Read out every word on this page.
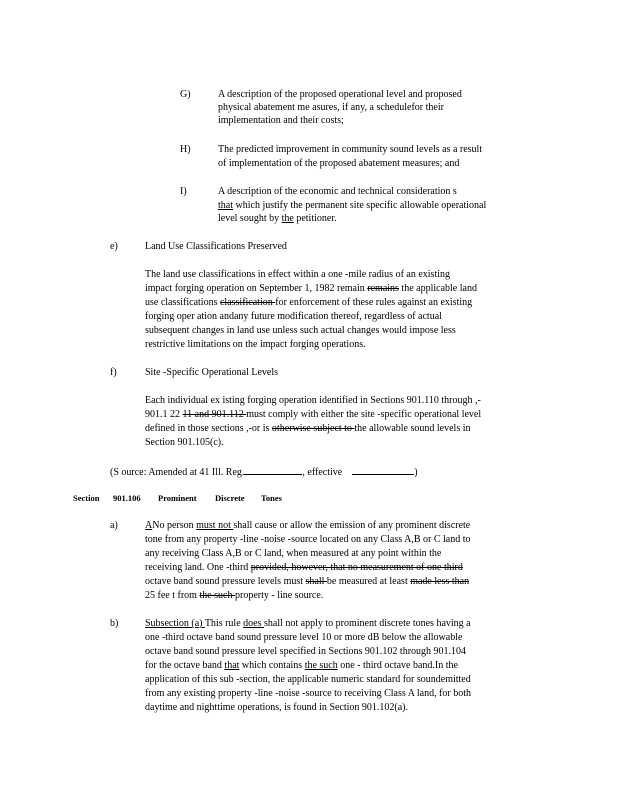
G)	A description of the proposed operational level and proposed
physical abatement me asures, if any, a schedulefor their
implementation and their costs;
H)	The predicted improvement in community sound levels as a result
of implementation of the proposed abatement measures; and
I)	A description of the economic and technical consideration s
that which justify the permanent site specific allowable operational
level sought by the petitioner.
e)	Land Use Classifications Preserved
The land use classifications in effect within a one -mile radius of an existing
impact forging operation on September 1, 1982 remain remains the applicable land
use classifications classification for enforcement of these rules against an existing
forging oper ation andany future modification thereof, regardless of actual
subsequent changes in land use unless such actual changes would impose less
restrictive limitations on the impact forging operations.
f)	Site -Specific Operational Levels
Each individual ex isting forging operation identified in Sections 901.110 through ,-
901.1 22 11 and 901.112 must comply with either the site -specific operational level
defined in those sections ,-or is otherwise subject to the allowable sound levels in
Section 901.105(c).
(S ource: Amended at 41 Ill. Reg.	, effective	)
Section 901.106 Prominent Discrete Tones
a)	ANo person must not shall cause or allow the emission of any prominent discrete
tone from any property -line -noise -source located on any Class A,B or C land to
any receiving Class A,B or C land, when measured at any point within the
receiving land. One -third provided, however, that no measurement of one third
octave band sound pressure levels must shall be measured at least made less than
25 fee t from the such property - line source.
b)	Subsection (a) This rule does shall not apply to prominent discrete tones having a
one -third octave band sound pressure level 10 or more dB below the allowable
octave band sound pressure level specified in Sections 901.102 through 901.104
for the octave band that which contains the such one - third octave band.In the
application of this sub -section, the applicable numeric standard for soundemitted
from any existing property -line -noise -source to receiving Class A land, for both
daytime and nighttime operations, is found in Section 901.102(a).
